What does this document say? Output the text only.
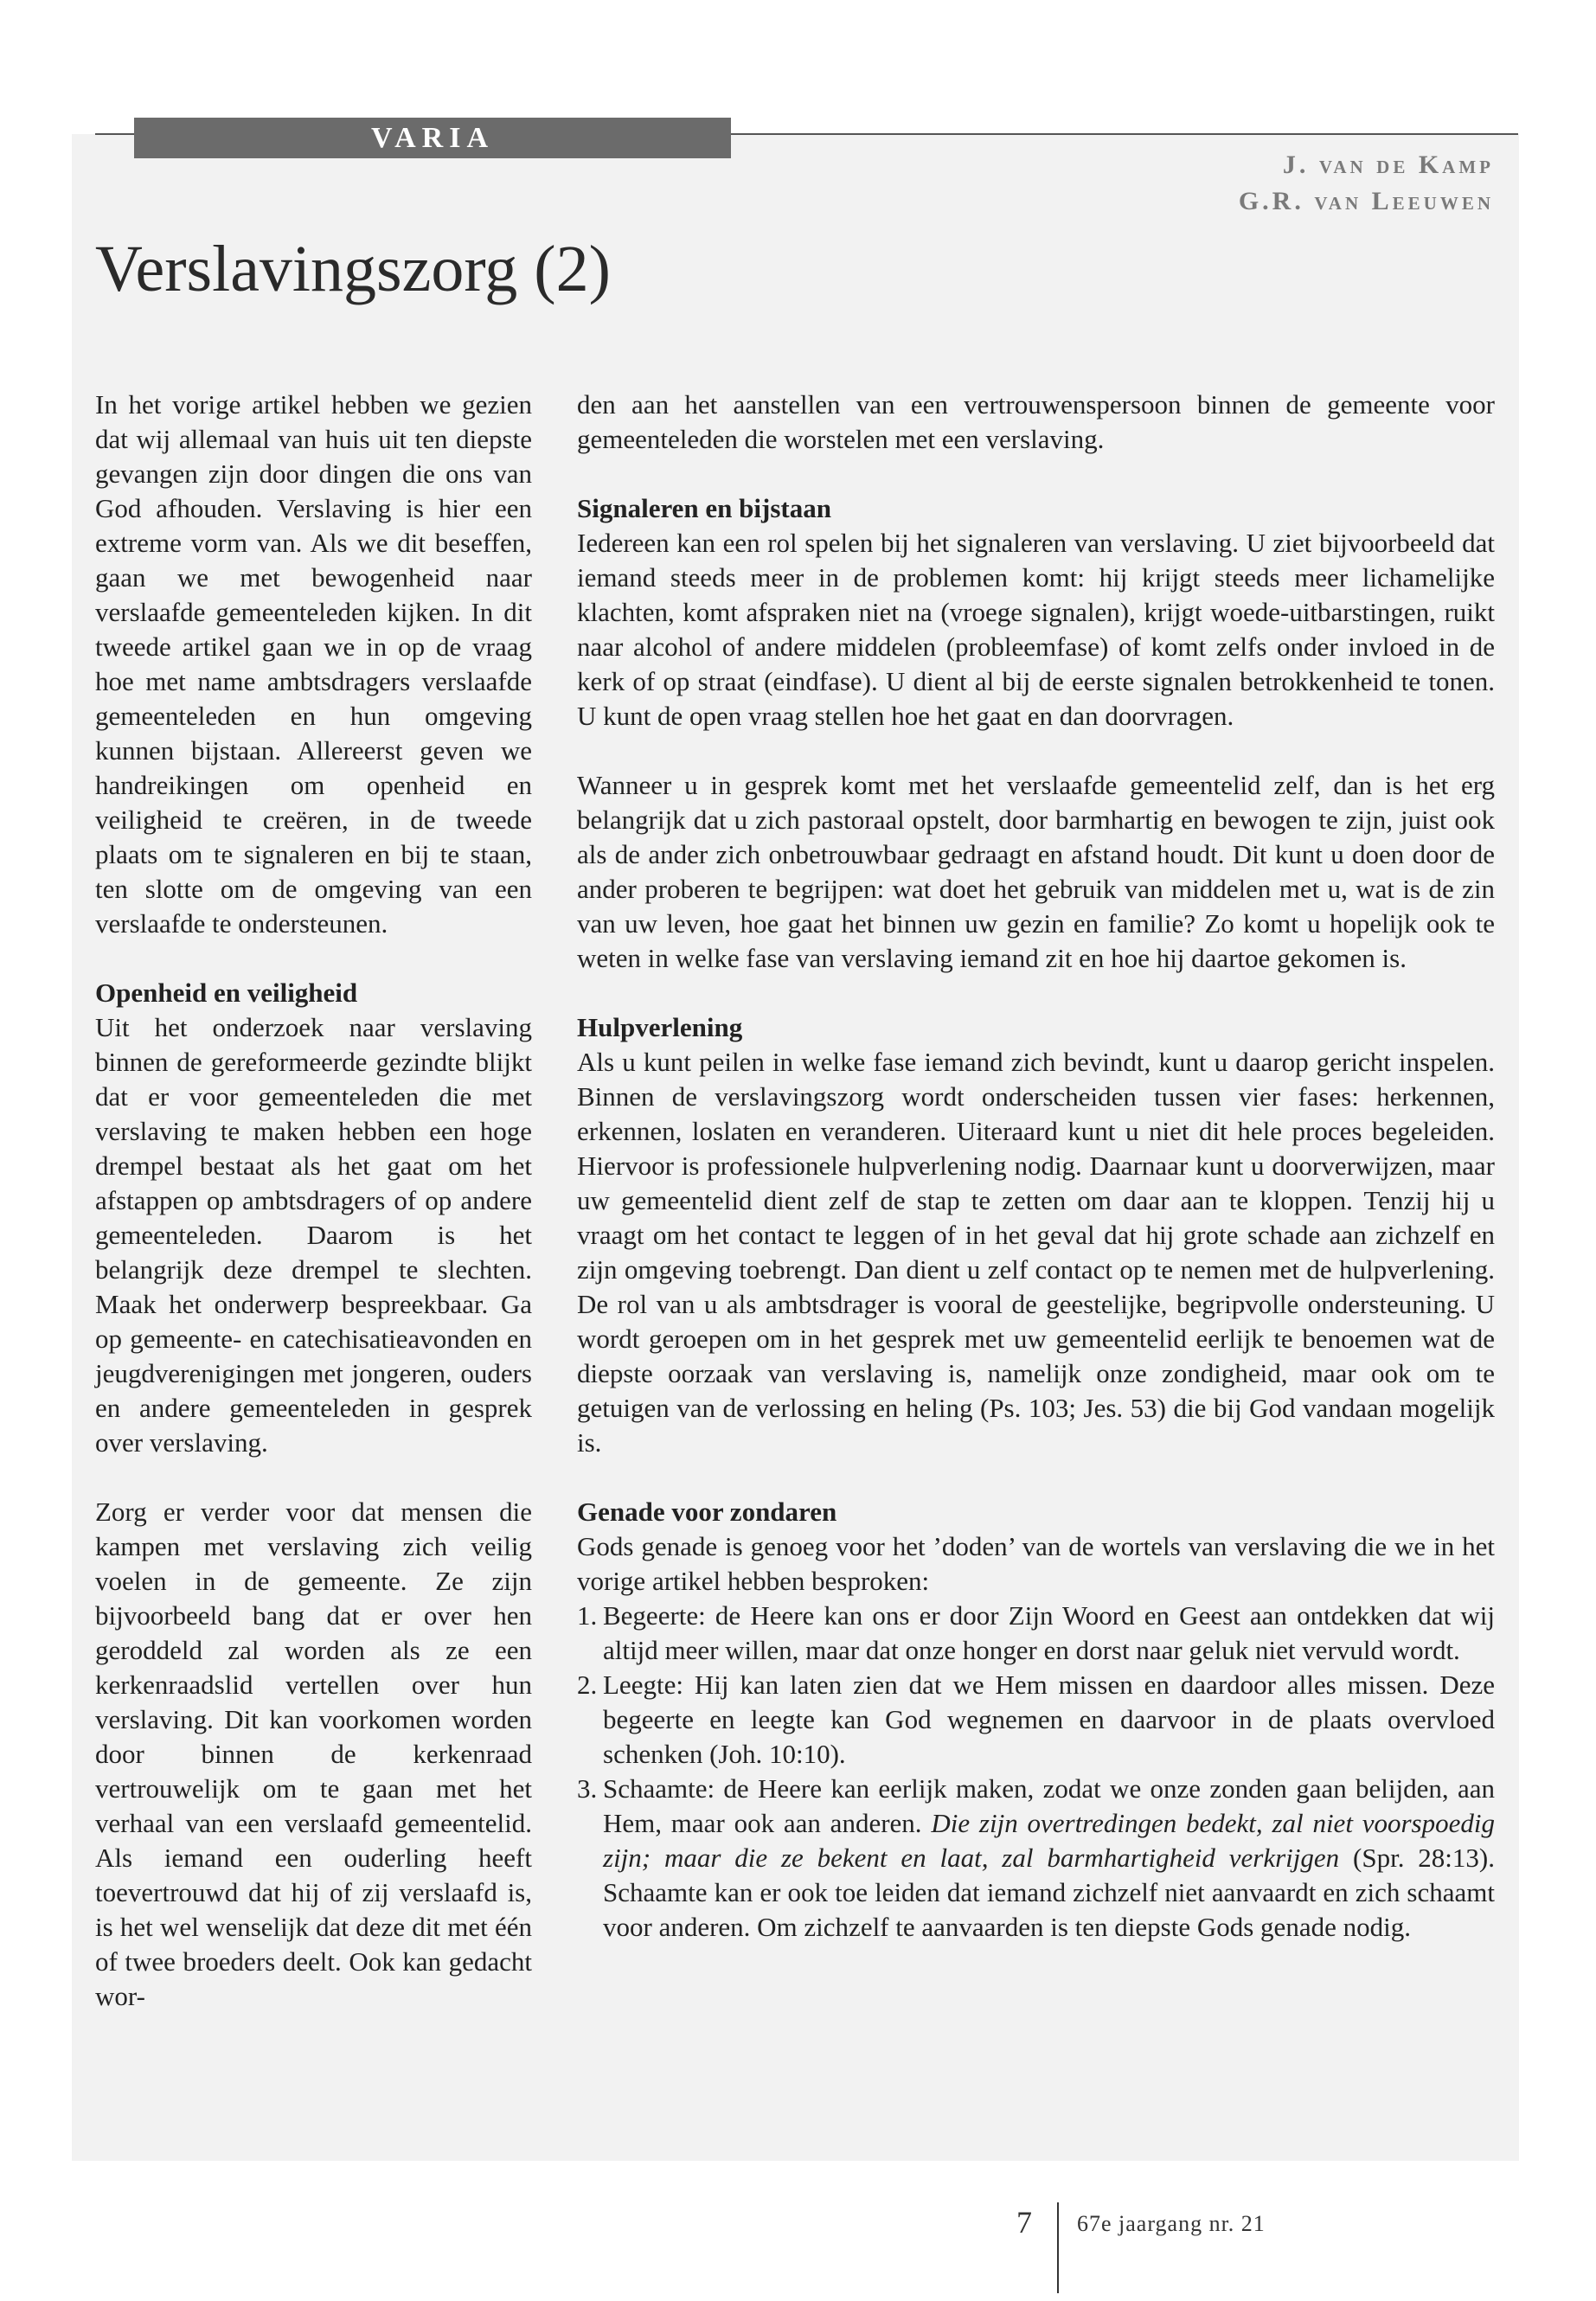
VARIA
J. van de Kamp
G.R. van Leeuwen
Verslavingszorg (2)

In het vorige artikel hebben we gezien dat wij allemaal van huis uit ten diepste gevangen zijn door dingen die ons van God afhouden. Verslaving is hier een extreme vorm van. Als we dit beseffen, gaan we met bewogenheid naar verslaafde gemeenteleden kijken. In dit tweede artikel gaan we in op de vraag hoe met name ambtsdragers verslaafde gemeenteleden en hun omgeving kunnen bijstaan. Allereerst geven we handreikingen om openheid en veiligheid te creëren, in de tweede plaats om te signaleren en bij te staan, ten slotte om de omgeving van een verslaafde te ondersteunen.

Openheid en veiligheid

Uit het onderzoek naar verslaving binnen de gereformeerde gezindte blijkt dat er voor gemeenteleden die met verslaving te maken hebben een hoge drempel bestaat als het gaat om het afstappen op ambtsdragers of op andere gemeenteleden. Daarom is het belangrijk deze drempel te slechten. Maak het onderwerp bespreekbaar. Ga op gemeente- en catechisatieavonden en jeugdverenigingen met jongeren, ouders en andere gemeenteleden in gesprek over verslaving.

Zorg er verder voor dat mensen die kampen met verslaving zich veilig voelen in de gemeente. Ze zijn bijvoorbeeld bang dat er over hen geroddeld zal worden als ze een kerkenraadslid vertellen over hun verslaving. Dit kan voorkomen worden door binnen de kerkenraad vertrouwelijk om te gaan met het verhaal van een verslaafd gemeentelid. Als iemand een ouderling heeft toevertrouwd dat hij of zij verslaafd is, is het wel wenselijk dat deze dit met één of twee broeders deelt. Ook kan gedacht wor-

den aan het aanstellen van een vertrouwenspersoon binnen de gemeente voor gemeenteleden die worstelen met een verslaving.

Signaleren en bijstaan

Iedereen kan een rol spelen bij het signaleren van verslaving. U ziet bijvoorbeeld dat iemand steeds meer in de problemen komt: hij krijgt steeds meer lichamelijke klachten, komt afspraken niet na (vroege signalen), krijgt woede-uitbarstingen, ruikt naar alcohol of andere middelen (probleemfase) of komt zelfs onder invloed in de kerk of op straat (eindfase). U dient al bij de eerste signalen betrokkenheid te tonen. U kunt de open vraag stellen hoe het gaat en dan doorvragen.

Wanneer u in gesprek komt met het verslaafde gemeentelid zelf, dan is het erg belangrijk dat u zich pastoraal opstelt, door barmhartig en bewogen te zijn, juist ook als de ander zich onbetrouwbaar gedraagt en afstand houdt. Dit kunt u doen door de ander proberen te begrijpen: wat doet het gebruik van middelen met u, wat is de zin van uw leven, hoe gaat het binnen uw gezin en familie? Zo komt u hopelijk ook te weten in welke fase van verslaving iemand zit en hoe hij daartoe gekomen is.

Hulpverlening

Als u kunt peilen in welke fase iemand zich bevindt, kunt u daarop gericht inspelen. Binnen de verslavingszorg wordt onderscheiden tussen vier fases: herkennen, erkennen, loslaten en veranderen. Uiteraard kunt u niet dit hele proces begeleiden. Hiervoor is professionele hulpverlening nodig. Daarnaar kunt u doorverwijzen, maar uw gemeentelid dient zelf de stap te zetten om daar aan te kloppen. Tenzij hij u vraagt om het contact te leggen of in het geval dat hij grote schade aan zichzelf en zijn omgeving toebrengt. Dan dient u zelf contact op te nemen met de hulpverlening. De rol van u als ambtsdrager is vooral de geestelijke, begripvolle ondersteuning. U wordt geroepen om in het gesprek met uw gemeentelid eerlijk te benoemen wat de diepste oorzaak van verslaving is, namelijk onze zondigheid, maar ook om te getuigen van de verlossing en heling (Ps. 103; Jes. 53) die bij God vandaan mogelijk is.

Genade voor zondaren

Gods genade is genoeg voor het ’doden’ van de wortels van verslaving die we in het vorige artikel hebben besproken:

1. Begeerte: de Heere kan ons er door Zijn Woord en Geest aan ontdekken dat wij altijd meer willen, maar dat onze honger en dorst naar geluk niet vervuld wordt.
2. Leegte: Hij kan laten zien dat we Hem missen en daardoor alles missen. Deze begeerte en leegte kan God wegnemen en daarvoor in de plaats overvloed schenken (Joh. 10:10).
3. Schaamte: de Heere kan eerlijk maken, zodat we onze zonden gaan belijden, aan Hem, maar ook aan anderen. Die zijn overtredingen bedekt, zal niet voorspoedig zijn; maar die ze bekent en laat, zal barmhartigheid verkrijgen (Spr. 28:13). Schaamte kan er ook toe leiden dat iemand zichzelf niet aanvaardt en zich schaamt voor anderen. Om zichzelf te aanvaarden is ten diepste Gods genade nodig.
7 67e jaargang nr. 21
